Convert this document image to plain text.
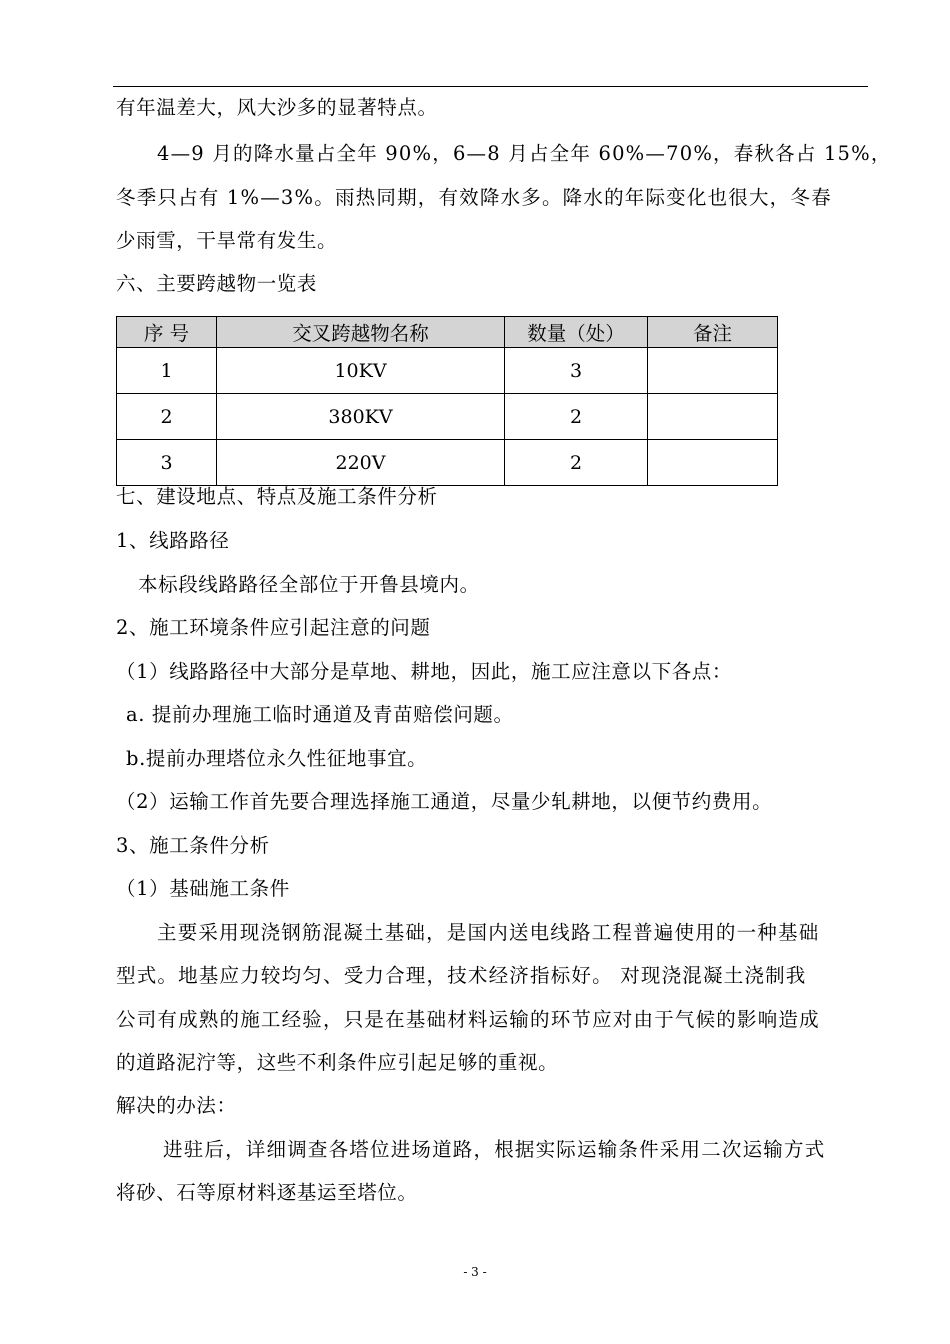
有年温差大，风大沙多的显著特点。
4—9 月的降水量占全年 90%，6—8 月占全年 60%—70%，春秋各占 15%，
冬季只占有 1%—3%。雨热同期，有效降水多。降水的年际变化也很大，冬春
少雨雪，干旱常有发生。
六、主要跨越物一览表
序 号	交叉跨越物名称	数量（处）	备注
1	10KV	3	
2	380KV	2	
3	220V	2	
七、建设地点、特点及施工条件分析
1、线路路径
本标段线路路径全部位于开鲁县境内。
2、施工环境条件应引起注意的问题
（1）线路路径中大部分是草地、耕地，因此，施工应注意以下各点：
a. 提前办理施工临时通道及青苗赔偿问题。
b.提前办理塔位永久性征地事宜。
（2）运输工作首先要合理选择施工通道，尽量少轧耕地，以便节约费用。
3、施工条件分析
（1）基础施工条件
主要采用现浇钢筋混凝土基础，是国内送电线路工程普遍使用的一种基础
型式。地基应力较均匀、受力合理，技术经济指标好。 对现浇混凝土浇制我
公司有成熟的施工经验，只是在基础材料运输的环节应对由于气候的影响造成
的道路泥泞等，这些不利条件应引起足够的重视。
解决的办法：
进驻后，详细调查各塔位进场道路，根据实际运输条件采用二次运输方式
将砂、石等原材料逐基运至塔位。
- 3 -
